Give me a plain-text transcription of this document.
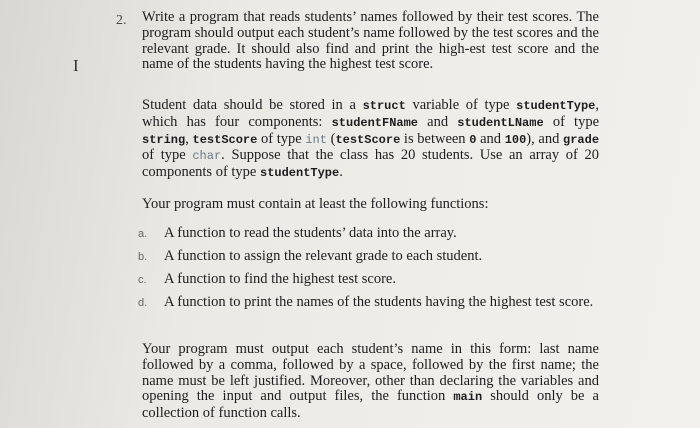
2.
I
Write a program that reads students’ names followed by their test scores. The program should output each student’s name followed by the test scores and the relevant grade. It should also find and print the high-est test score and the name of the students having the highest test score.
Student data should be stored in a struct variable of type studentType, which has four components: studentFName and studentLName of type string, testScore of type int (testScore is between 0 and 100), and grade of type char. Suppose that the class has 20 students. Use an array of 20 components of type studentType.
Your program must contain at least the following functions:
a. A function to read the students’ data into the array.
b. A function to assign the relevant grade to each student.
c. A function to find the highest test score.
d. A function to print the names of the students having the highest test score.
Your program must output each student’s name in this form: last name followed by a comma, followed by a space, followed by the first name; the name must be left justified. Moreover, other than declaring the variables and opening the input and output files, the function main should only be a collection of function calls.
